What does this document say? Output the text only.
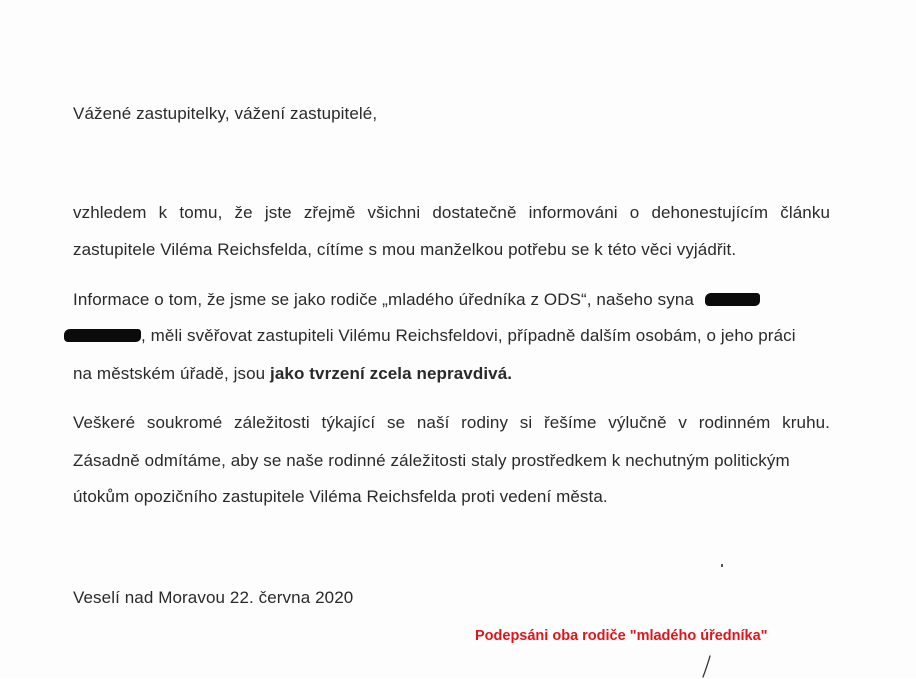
Vážené zastupitelky, vážení zastupitelé,
vzhledem k tomu, že jste zřejmě všichni dostatečně informováni o dehonestujícím článku
zastupitele Viléma Reichsfelda, cítíme s mou manželkou potřebu se k této věci vyjádřit.
Informace o tom, že jsme se jako rodiče „mladého úředníka z ODS“, našeho syna
, měli svěřovat zastupiteli Vilému Reichsfeldovi, případně dalším osobám, o jeho práci
na městském úřadě, jsou jako tvrzení zcela nepravdivá.
Veškeré soukromé záležitosti týkající se naší rodiny si řešíme výlučně v rodinném kruhu.
Zásadně odmítáme, aby se naše rodinné záležitosti staly prostředkem k nechutným politickým
útokům opozičního zastupitele Viléma Reichsfelda proti vedení města.
Veselí nad Moravou 22. června 2020
Podepsáni oba rodiče "mladého úředníka"
